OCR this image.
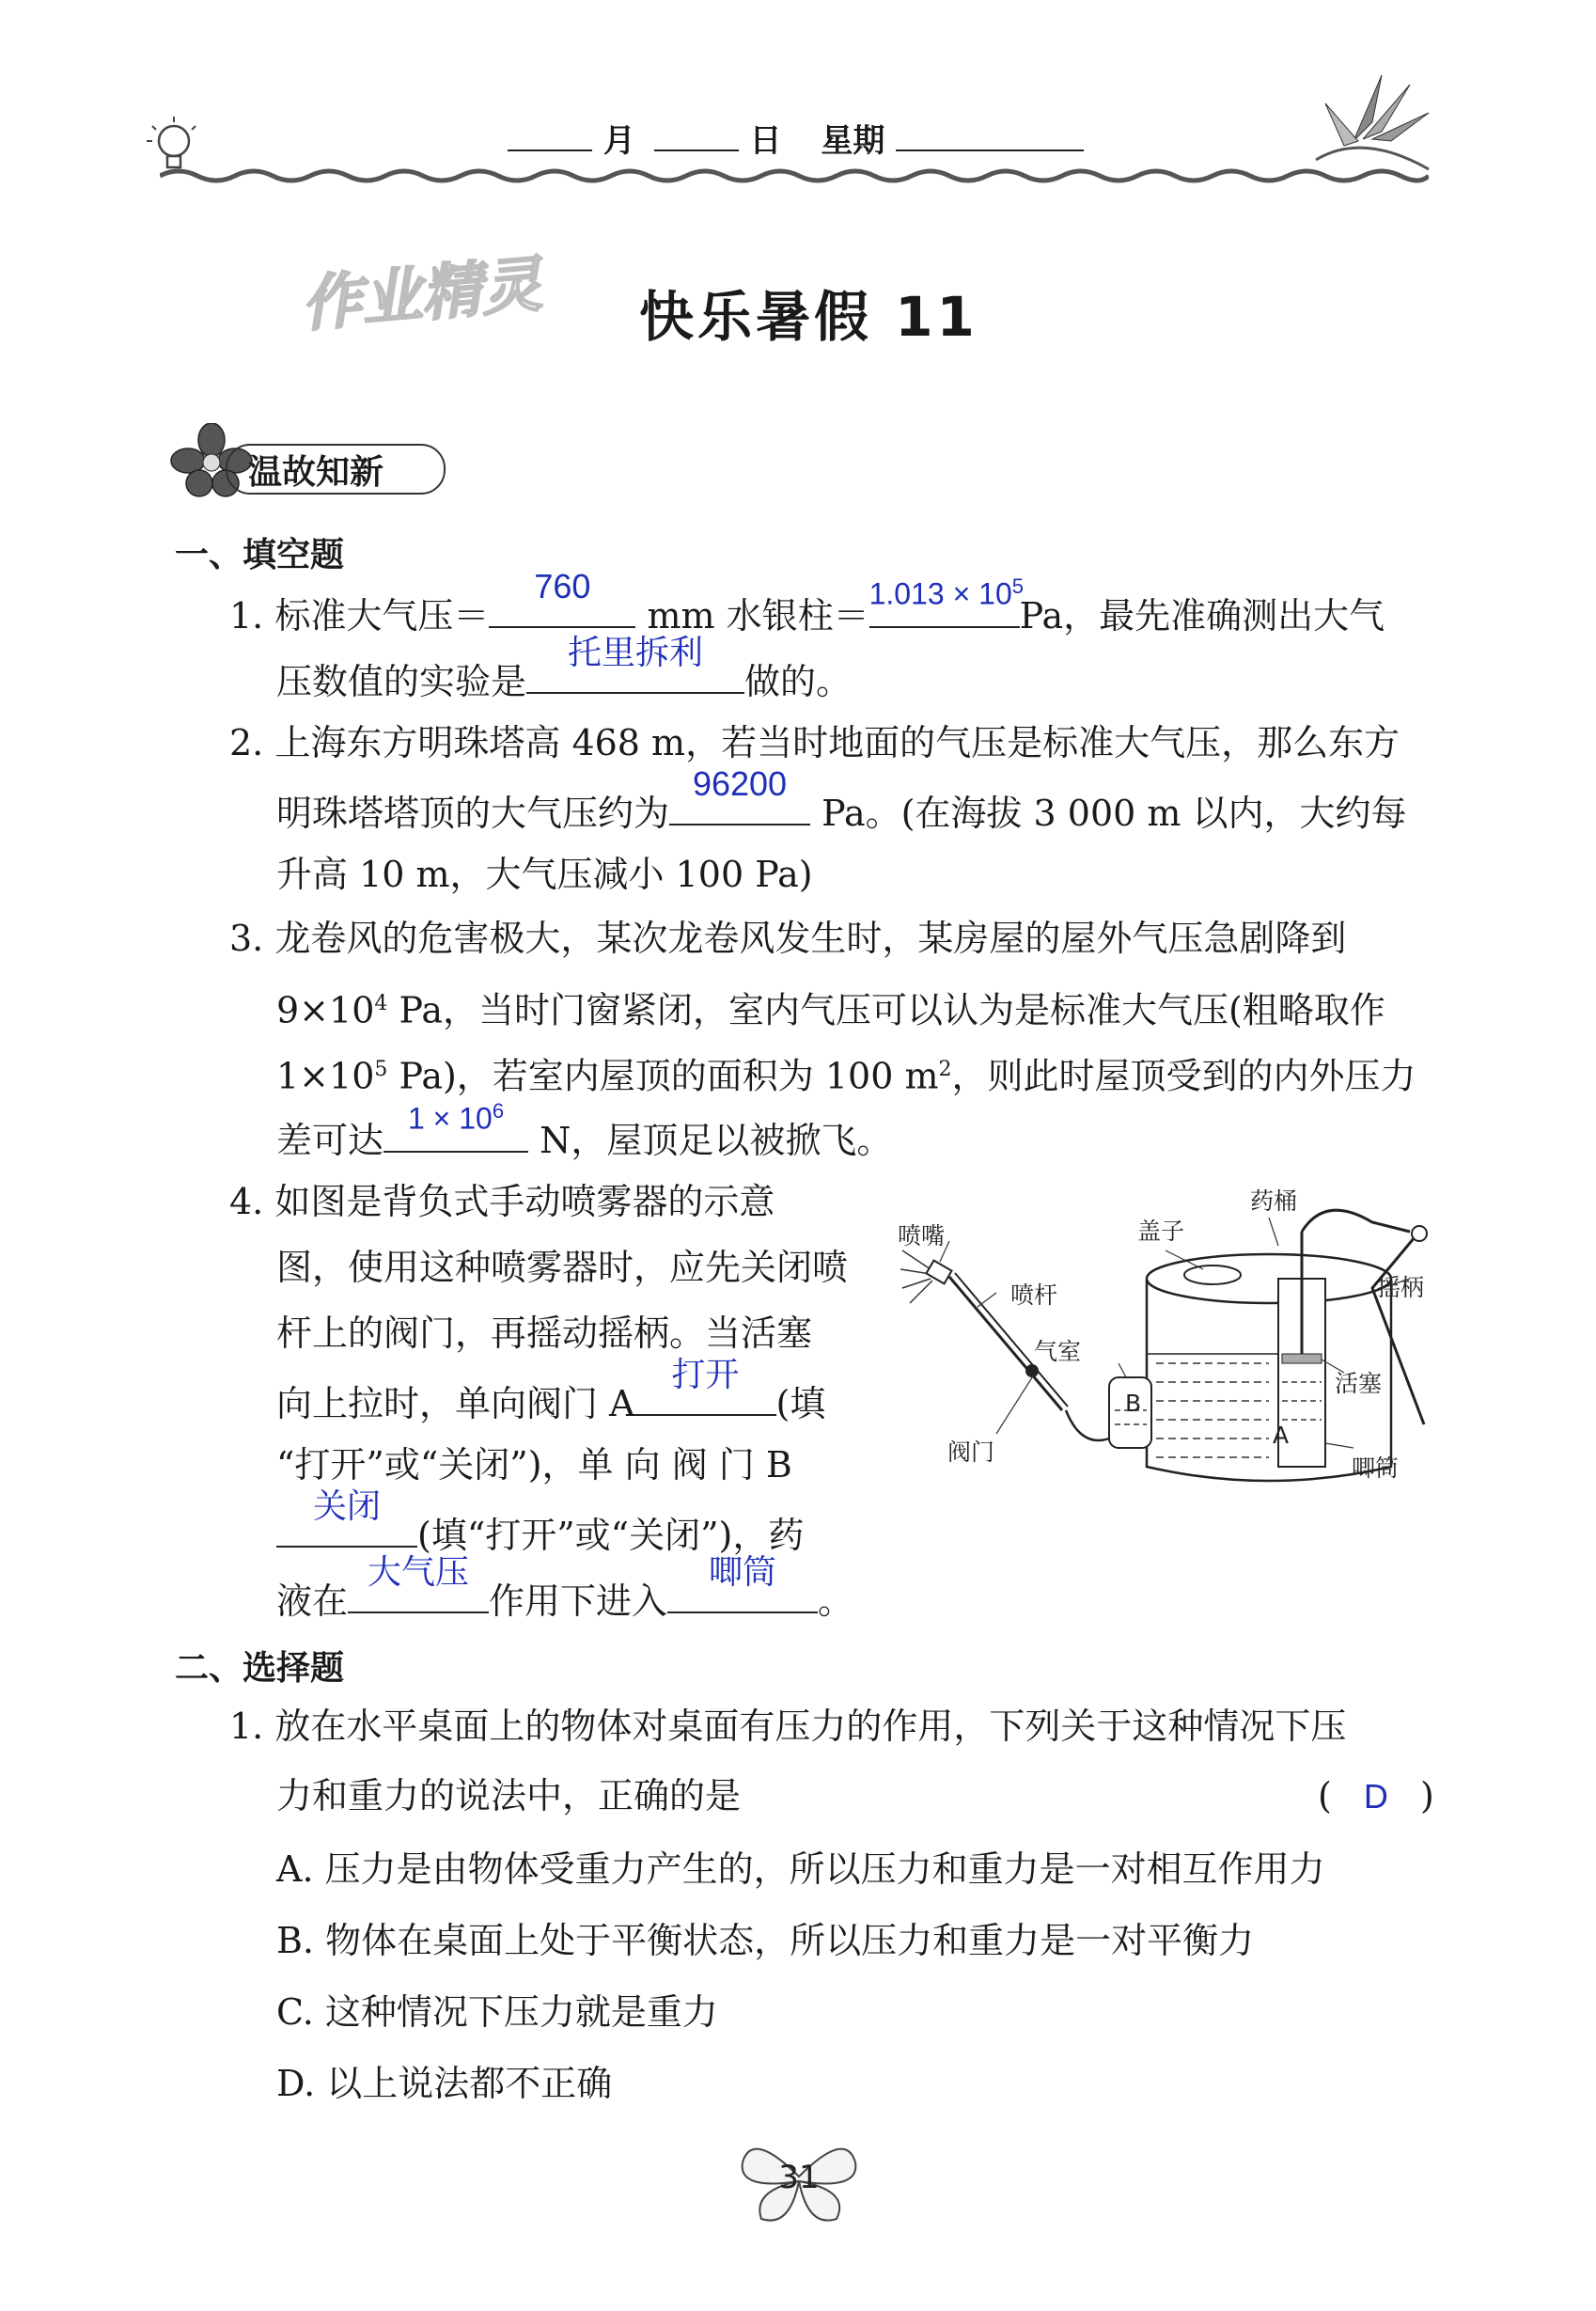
月	日 星期
作业精灵 快乐暑假 11
温故知新
一、填空题
1. 标准大气压＝
760
mm 水银柱＝
$1.013 \times 10^5$
Pa，最先准确测出大气
压数值的实验是
托里拆利
做的。
2. 上海东方明珠塔高 468 m，若当时地面的气压是标准大气压，那么东方
明珠塔塔顶的大气压约为
96200
Pa。(在海拔 3 000 m 以内，大约每
升高 10 m，大气压减小 100 Pa)
3. 龙卷风的危害极大，某次龙卷风发生时，某房屋的屋外气压急剧降到
$9\times 10^4$ Pa，当时门窗紧闭，室内气压可以认为是标准大气压(粗略取作
$1\times 10^5$ Pa)，若室内屋顶的面积为 100 $m^2$，则此时屋顶受到的内外压力
差可达
$1 \times 10^6$
N，屋顶足以被掀飞。
4. 如图是背负式手动喷雾器的示意
图，使用这种喷雾器时，应先关闭喷
杆上的阀门，再摇动摇柄。当活塞
向上拉时，单向阀门 A
打开
(填
“打开”或“关闭”)，单 向 阀 门 B
关闭
(填“打开”或“关闭”)，药
液在
大气压
作用下进入
唧筒
。
喷嘴
喷杆
盖子
药桶
摇柄
气室
活塞
阀门
唧筒
A
B
二、选择题
1. 放在水平桌面上的物体对桌面有压力的作用，下列关于这种情况下压
力和重力的说法中，正确的是	( D )
A. 压力是由物体受重力产生的，所以压力和重力是一对相互作用力
B. 物体在桌面上处于平衡状态，所以压力和重力是一对平衡力
C. 这种情况下压力就是重力
D. 以上说法都不正确
31
